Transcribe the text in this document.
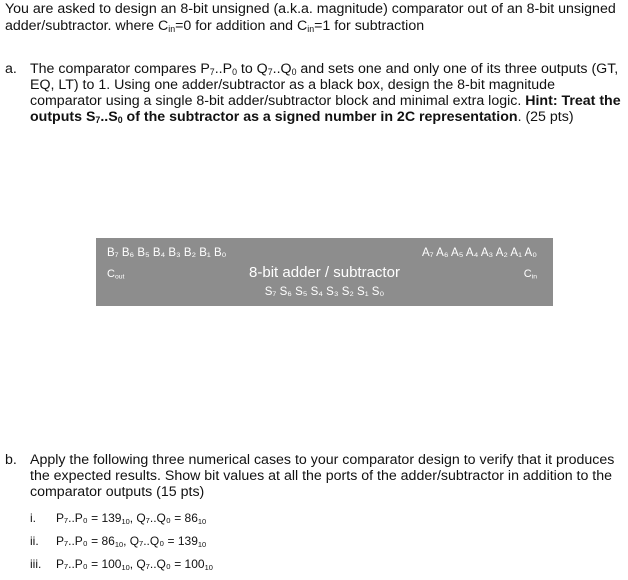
You are asked to design an 8-bit unsigned (a.k.a. magnitude) comparator out of an 8-bit unsigned adder/subtractor. where $C_{in}=0$ for addition and $C_{in}=1$ for subtraction
a. The comparator compares $P_7..P_0$ to $Q_7..Q_0$ and sets one and only one of its three outputs (GT, EQ, LT) to 1. Using one adder/subtractor as a black box, design the 8-bit magnitude comparator using a single 8-bit adder/subtractor block and minimal extra logic. Hint: Treat the outputs $S_7..S_0$ of the subtractor as a signed number in 2C representation. (25 pts)
B₇ B₆ B₅ B₄ B₃ B₂ B₁ B₀	A₇ A₆ A₅ A₄ A₃ A₂ A₁ A₀
$C_{out}$	$C_{in}$
8-bit adder / subtractor
S₇ S₆ S₅ S₄ S₃ S₂ S₁ S₀
b. Apply the following three numerical cases to your comparator design to verify that it produces the expected results. Show bit values at all the ports of the adder/subtractor in addition to the comparator outputs (15 pts)
i. $P_7..P_0 = 139_{10}$, $Q_7..Q_0 = 86_{10}$
ii. $P_7..P_0 = 86_{10}$, $Q_7..Q_0 = 139_{10}$
iii. $P_7..P_0 = 100_{10}$, $Q_7..Q_0 = 100_{10}$
